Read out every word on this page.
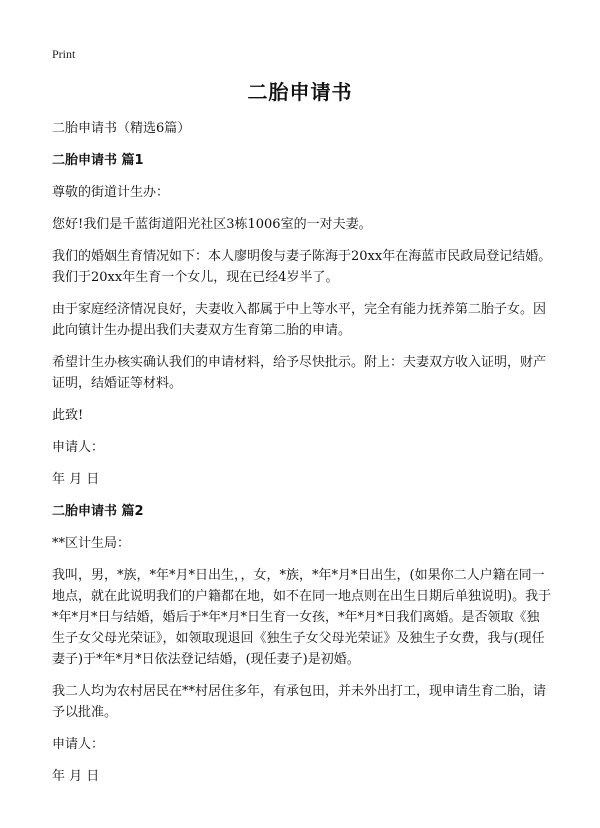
Print
二胎申请书

二胎申请书（精选6篇）

二胎申请书 篇1

尊敬的街道计生办：

您好!我们是千蓝街道阳光社区3栋1006室的一对夫妻。

我们的婚姻生育情况如下：本人廖明俊与妻子陈海于20xx年在海蓝市民政局登记结婚。我们于20xx年生育一个女儿，现在已经4岁半了。

由于家庭经济情况良好，夫妻收入都属于中上等水平，完全有能力抚养第二胎子女。因此向镇计生办提出我们夫妻双方生育第二胎的申请。

希望计生办核实确认我们的申请材料，给予尽快批示。附上：夫妻双方收入证明，财产证明，结婚证等材料。

此致!

申请人：

年 月 日

二胎申请书 篇2

**区计生局：

我叫，男，*族，*年*月*日出生，，女，*族，*年*月*日出生，(如果你二人户籍在同一地点，就在此说明我们的户籍都在地，如不在同一地点则在出生日期后单独说明)。我于*年*月*日与结婚，婚后于*年*月*日生育一女孩，*年*月*日我们离婚。是否领取《独生子女父母光荣证》，如领取现退回《独生子女父母光荣证》及独生子女费，我与(现任妻子)于*年*月*日依法登记结婚，(现任妻子)是初婚。

我二人均为农村居民在**村居住多年，有承包田，并未外出打工，现申请生育二胎，请予以批准。

申请人：

年 月 日
